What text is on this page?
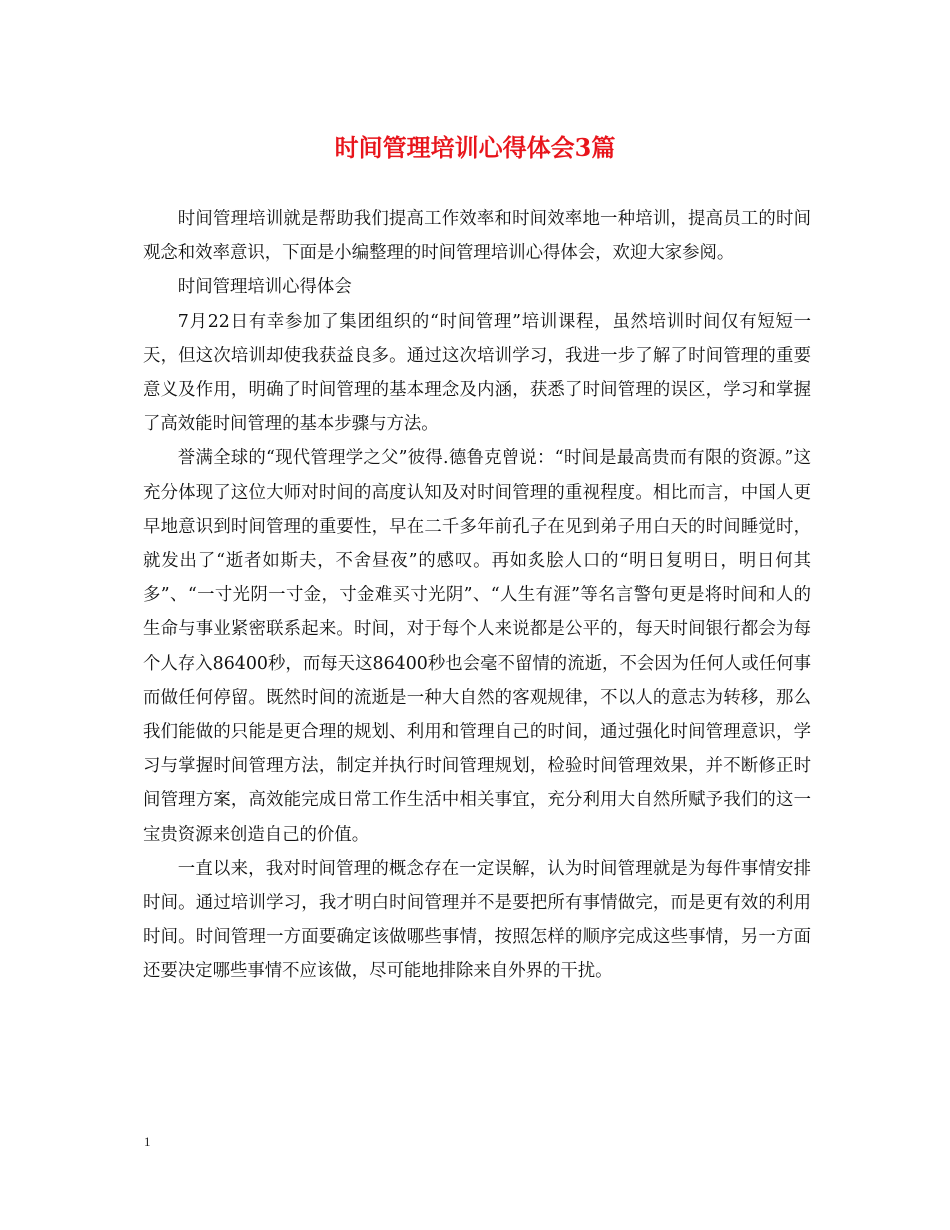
时间管理培训心得体会3篇

时间管理培训就是帮助我们提高工作效率和时间效率地一种培训，提高员工的时间观念和效率意识，下面是小编整理的时间管理培训心得体会，欢迎大家参阅。

时间管理培训心得体会

7月22日有幸参加了集团组织的“时间管理”培训课程，虽然培训时间仅有短短一天，但这次培训却使我获益良多。通过这次培训学习，我进一步了解了时间管理的重要意义及作用，明确了时间管理的基本理念及内涵，获悉了时间管理的误区，学习和掌握了高效能时间管理的基本步骤与方法。

誉满全球的“现代管理学之父”彼得.德鲁克曾说：“时间是最高贵而有限的资源。”这充分体现了这位大师对时间的高度认知及对时间管理的重视程度。相比而言，中国人更早地意识到时间管理的重要性，早在二千多年前孔子在见到弟子用白天的时间睡觉时，就发出了“逝者如斯夫，不舍昼夜”的感叹。再如炙脍人口的“明日复明日，明日何其多”、“一寸光阴一寸金，寸金难买寸光阴”、“人生有涯”等名言警句更是将时间和人的生命与事业紧密联系起来。时间，对于每个人来说都是公平的，每天时间银行都会为每个人存入86400秒，而每天这86400秒也会毫不留情的流逝，不会因为任何人或任何事而做任何停留。既然时间的流逝是一种大自然的客观规律，不以人的意志为转移，那么我们能做的只能是更合理的规划、利用和管理自己的时间，通过强化时间管理意识，学习与掌握时间管理方法，制定并执行时间管理规划，检验时间管理效果，并不断修正时间管理方案，高效能完成日常工作生活中相关事宜，充分利用大自然所赋予我们的这一宝贵资源来创造自己的价值。

一直以来，我对时间管理的概念存在一定误解，认为时间管理就是为每件事情安排时间。通过培训学习，我才明白时间管理并不是要把所有事情做完，而是更有效的利用时间。时间管理一方面要确定该做哪些事情，按照怎样的顺序完成这些事情，另一方面还要决定哪些事情不应该做，尽可能地排除来自外界的干扰。

1
